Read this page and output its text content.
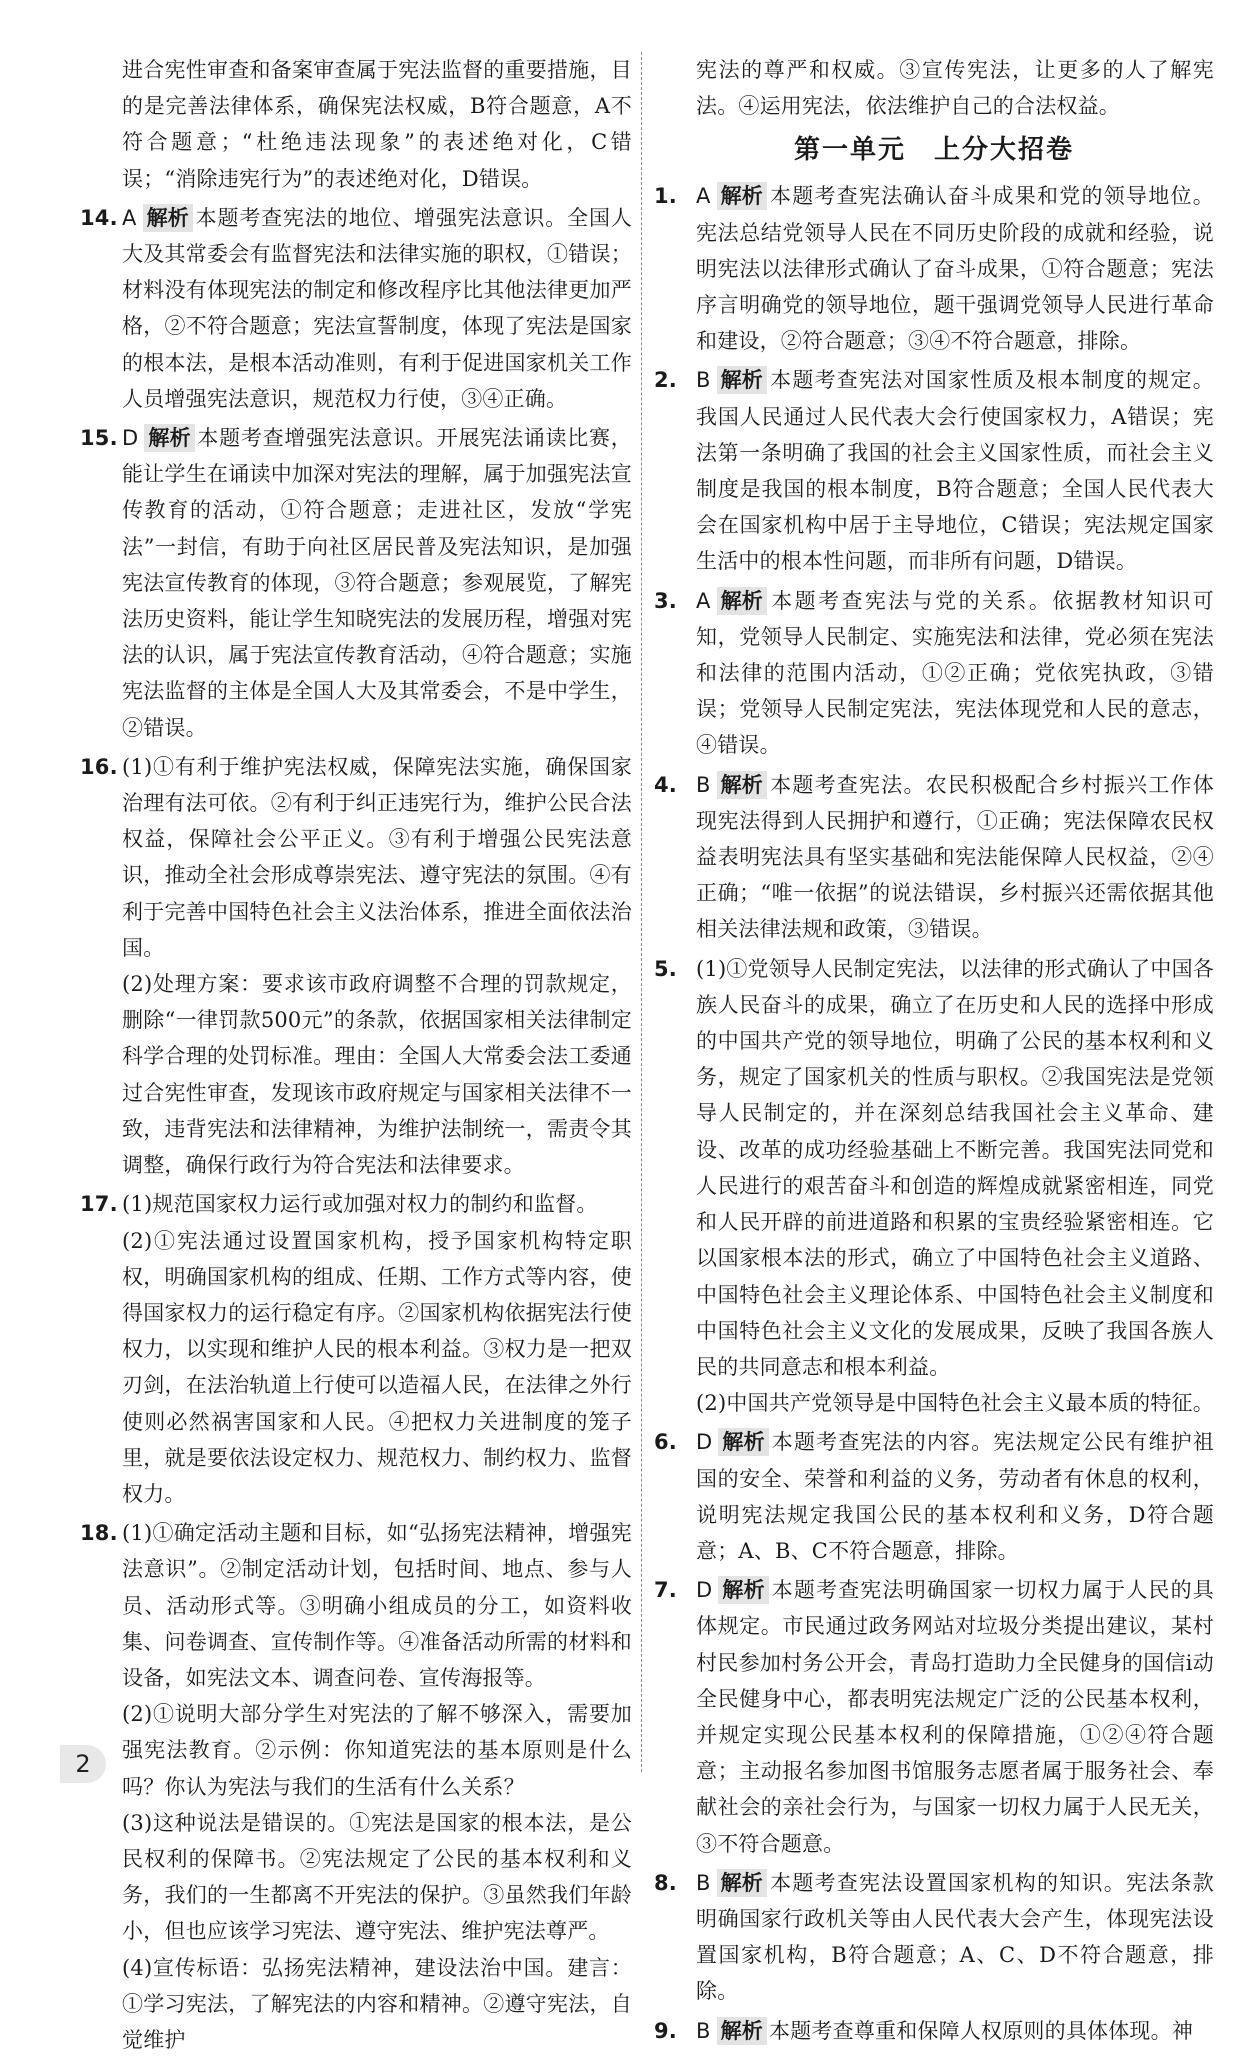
进合宪性审查和备案审查属于宪法监督的重要措施，目的是完善法律体系，确保宪法权威，B符合题意，A不符合题意；“杜绝违法现象”的表述绝对化，C错误；“消除违宪行为”的表述绝对化，D错误。

14. A 解析 本题考查宪法的地位、增强宪法意识。全国人大及其常委会有监督宪法和法律实施的职权，①错误；材料没有体现宪法的制定和修改程序比其他法律更加严格，②不符合题意；宪法宣誓制度，体现了宪法是国家的根本法，是根本活动准则，有利于促进国家机关工作人员增强宪法意识，规范权力行使，③④正确。
15. D 解析 本题考查增强宪法意识。开展宪法诵读比赛，能让学生在诵读中加深对宪法的理解，属于加强宪法宣传教育的活动，①符合题意；走进社区，发放“学宪法”一封信，有助于向社区居民普及宪法知识，是加强宪法宣传教育的体现，③符合题意；参观展览，了解宪法历史资料，能让学生知晓宪法的发展历程，增强对宪法的认识，属于宪法宣传教育活动，④符合题意；实施宪法监督的主体是全国人大及其常委会，不是中学生，②错误。
16. (1)①有利于维护宪法权威，保障宪法实施，确保国家治理有法可依。②有利于纠正违宪行为，维护公民合法权益，保障社会公平正义。③有利于增强公民宪法意识，推动全社会形成尊崇宪法、遵守宪法的氛围。④有利于完善中国特色社会主义法治体系，推进全面依法治国。
(2)处理方案：要求该市政府调整不合理的罚款规定，删除“一律罚款500元”的条款，依据国家相关法律制定科学合理的处罚标准。理由：全国人大常委会法工委通过合宪性审查，发现该市政府规定与国家相关法律不一致，违背宪法和法律精神，为维护法制统一，需责令其调整，确保行政行为符合宪法和法律要求。
17. (1)规范国家权力运行或加强对权力的制约和监督。
(2)①宪法通过设置国家机构，授予国家机构特定职权，明确国家机构的组成、任期、工作方式等内容，使得国家权力的运行稳定有序。②国家机构依据宪法行使权力，以实现和维护人民的根本利益。③权力是一把双刃剑，在法治轨道上行使可以造福人民，在法律之外行使则必然祸害国家和人民。④把权力关进制度的笼子里，就是要依法设定权力、规范权力、制约权力、监督权力。
18. (1)①确定活动主题和目标，如“弘扬宪法精神，增强宪法意识”。②制定活动计划，包括时间、地点、参与人员、活动形式等。③明确小组成员的分工，如资料收集、问卷调查、宣传制作等。④准备活动所需的材料和设备，如宪法文本、调查问卷、宣传海报等。
(2)①说明大部分学生对宪法的了解不够深入，需要加强宪法教育。②示例：你知道宪法的基本原则是什么吗？你认为宪法与我们的生活有什么关系？
(3)这种说法是错误的。①宪法是国家的根本法，是公民权利的保障书。②宪法规定了公民的基本权利和义务，我们的一生都离不开宪法的保护。③虽然我们年龄小，但也应该学习宪法、遵守宪法、维护宪法尊严。
(4)宣传标语：弘扬宪法精神，建设法治中国。建言：①学习宪法，了解宪法的内容和精神。②遵守宪法，自觉维护

宪法的尊严和权威。③宣传宪法，让更多的人了解宪法。④运用宪法，依法维护自己的合法权益。

第一单元　上分大招卷
1. A 解析 本题考查宪法确认奋斗成果和党的领导地位。宪法总结党领导人民在不同历史阶段的成就和经验，说明宪法以法律形式确认了奋斗成果，①符合题意；宪法序言明确党的领导地位，题干强调党领导人民进行革命和建设，②符合题意；③④不符合题意，排除。
2. B 解析 本题考查宪法对国家性质及根本制度的规定。我国人民通过人民代表大会行使国家权力，A错误；宪法第一条明确了我国的社会主义国家性质，而社会主义制度是我国的根本制度，B符合题意；全国人民代表大会在国家机构中居于主导地位，C错误；宪法规定国家生活中的根本性问题，而非所有问题，D错误。
3. A 解析 本题考查宪法与党的关系。依据教材知识可知，党领导人民制定、实施宪法和法律，党必须在宪法和法律的范围内活动，①②正确；党依宪执政，③错误；党领导人民制定宪法，宪法体现党和人民的意志，④错误。
4. B 解析 本题考查宪法。农民积极配合乡村振兴工作体现宪法得到人民拥护和遵行，①正确；宪法保障农民权益表明宪法具有坚实基础和宪法能保障人民权益，②④正确；“唯一依据”的说法错误，乡村振兴还需依据其他相关法律法规和政策，③错误。
5. (1)①党领导人民制定宪法，以法律的形式确认了中国各族人民奋斗的成果，确立了在历史和人民的选择中形成的中国共产党的领导地位，明确了公民的基本权利和义务，规定了国家机关的性质与职权。②我国宪法是党领导人民制定的，并在深刻总结我国社会主义革命、建设、改革的成功经验基础上不断完善。我国宪法同党和人民进行的艰苦奋斗和创造的辉煌成就紧密相连，同党和人民开辟的前进道路和积累的宝贵经验紧密相连。它以国家根本法的形式，确立了中国特色社会主义道路、中国特色社会主义理论体系、中国特色社会主义制度和中国特色社会主义文化的发展成果，反映了我国各族人民的共同意志和根本利益。
(2)中国共产党领导是中国特色社会主义最本质的特征。
6. D 解析 本题考查宪法的内容。宪法规定公民有维护祖国的安全、荣誉和利益的义务，劳动者有休息的权利，说明宪法规定我国公民的基本权利和义务，D符合题意；A、B、C不符合题意，排除。
7. D 解析 本题考查宪法明确国家一切权力属于人民的具体规定。市民通过政务网站对垃圾分类提出建议，某村村民参加村务公开会，青岛打造助力全民健身的国信i动全民健身中心，都表明宪法规定广泛的公民基本权利，并规定实现公民基本权利的保障措施，①②④符合题意；主动报名参加图书馆服务志愿者属于服务社会、奉献社会的亲社会行为，与国家一切权力属于人民无关，③不符合题意。
8. B 解析 本题考查宪法设置国家机构的知识。宪法条款明确国家行政机关等由人民代表大会产生，体现宪法设置国家机构，B符合题意；A、C、D不符合题意，排除。
9. B 解析 本题考查尊重和保障人权原则的具体体现。神
2
